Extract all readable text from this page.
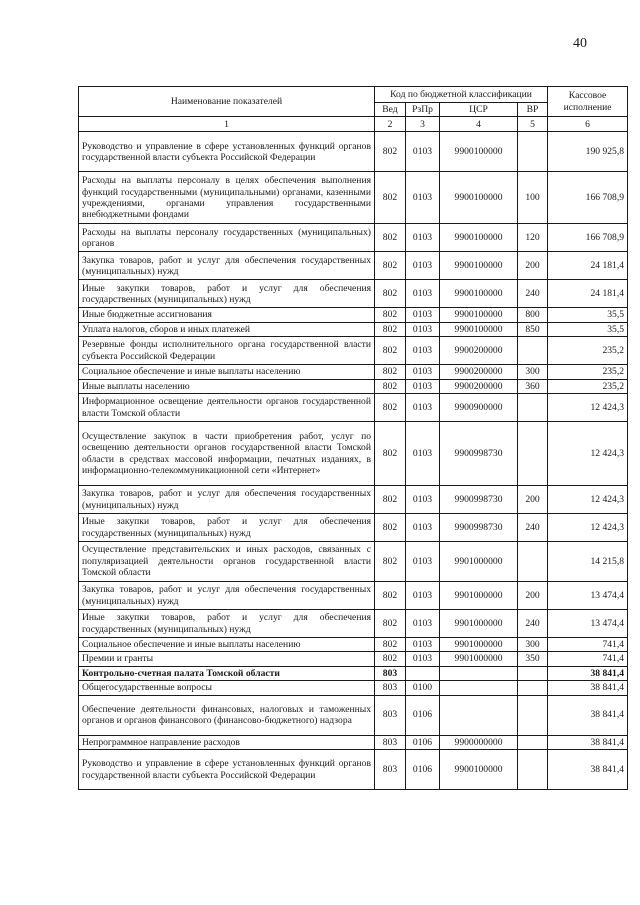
40
Наименование показателей	Код по бюджетной классификации				Кассовое исполнение
	Вед	РзПр	ЦСР	ВР	
1	2	3	4	5	6
Руководство и управление в сфере установленных функций органов государственной власти субъекта Российской Федерации	802	0103	9900100000		190 925,8
Расходы на выплаты персоналу в целях обеспечения выполнения функций государственными (муниципальными) органами, казенными учреждениями, органами управления государственными внебюджетными фондами	802	0103	9900100000	100	166 708,9
Расходы на выплаты персоналу государственных (муниципальных) органов	802	0103	9900100000	120	166 708,9
Закупка товаров, работ и услуг для обеспечения государственных (муниципальных) нужд	802	0103	9900100000	200	24 181,4
Иные закупки товаров, работ и услуг для обеспечения государственных (муниципальных) нужд	802	0103	9900100000	240	24 181,4
Иные бюджетные ассигнования	802	0103	9900100000	800	35,5
Уплата налогов, сборов и иных платежей	802	0103	9900100000	850	35,5
Резервные фонды исполнительного органа государственной власти субъекта Российской Федерации	802	0103	9900200000		235,2
Социальное обеспечение и иные выплаты населению	802	0103	9900200000	300	235,2
Иные выплаты населению	802	0103	9900200000	360	235,2
Информационное освещение деятельности органов государственной власти Томской области	802	0103	9900900000		12 424,3
Осуществление закупок в части приобретения работ, услуг по освещению деятельности органов государственной власти Томской области в средствах массовой информации, печатных изданиях, в информационно-телекоммуникационной сети «Интернет»	802	0103	9900998730		12 424,3
Закупка товаров, работ и услуг для обеспечения государственных (муниципальных) нужд	802	0103	9900998730	200	12 424,3
Иные закупки товаров, работ и услуг для обеспечения государственных (муниципальных) нужд	802	0103	9900998730	240	12 424,3
Осуществление представительских и иных расходов, связанных с популяризацией деятельности органов государственной власти Томской области	802	0103	9901000000		14 215,8
Закупка товаров, работ и услуг для обеспечения государственных (муниципальных) нужд	802	0103	9901000000	200	13 474,4
Иные закупки товаров, работ и услуг для обеспечения государственных (муниципальных) нужд	802	0103	9901000000	240	13 474,4
Социальное обеспечение и иные выплаты населению	802	0103	9901000000	300	741,4
Премии и гранты	802	0103	9901000000	350	741,4
Контрольно-счетная палата Томской области	803				38 841,4
Общегосударственные вопросы	803	0100			38 841,4
Обеспечение деятельности финансовых, налоговых и таможенных органов и органов финансового (финансово-бюджетного) надзора	803	0106			38 841,4
Непрограммное направление расходов	803	0106	9900000000		38 841,4
Руководство и управление в сфере установленных функций органов государственной власти субъекта Российской Федерации	803	0106	9900100000		38 841,4
